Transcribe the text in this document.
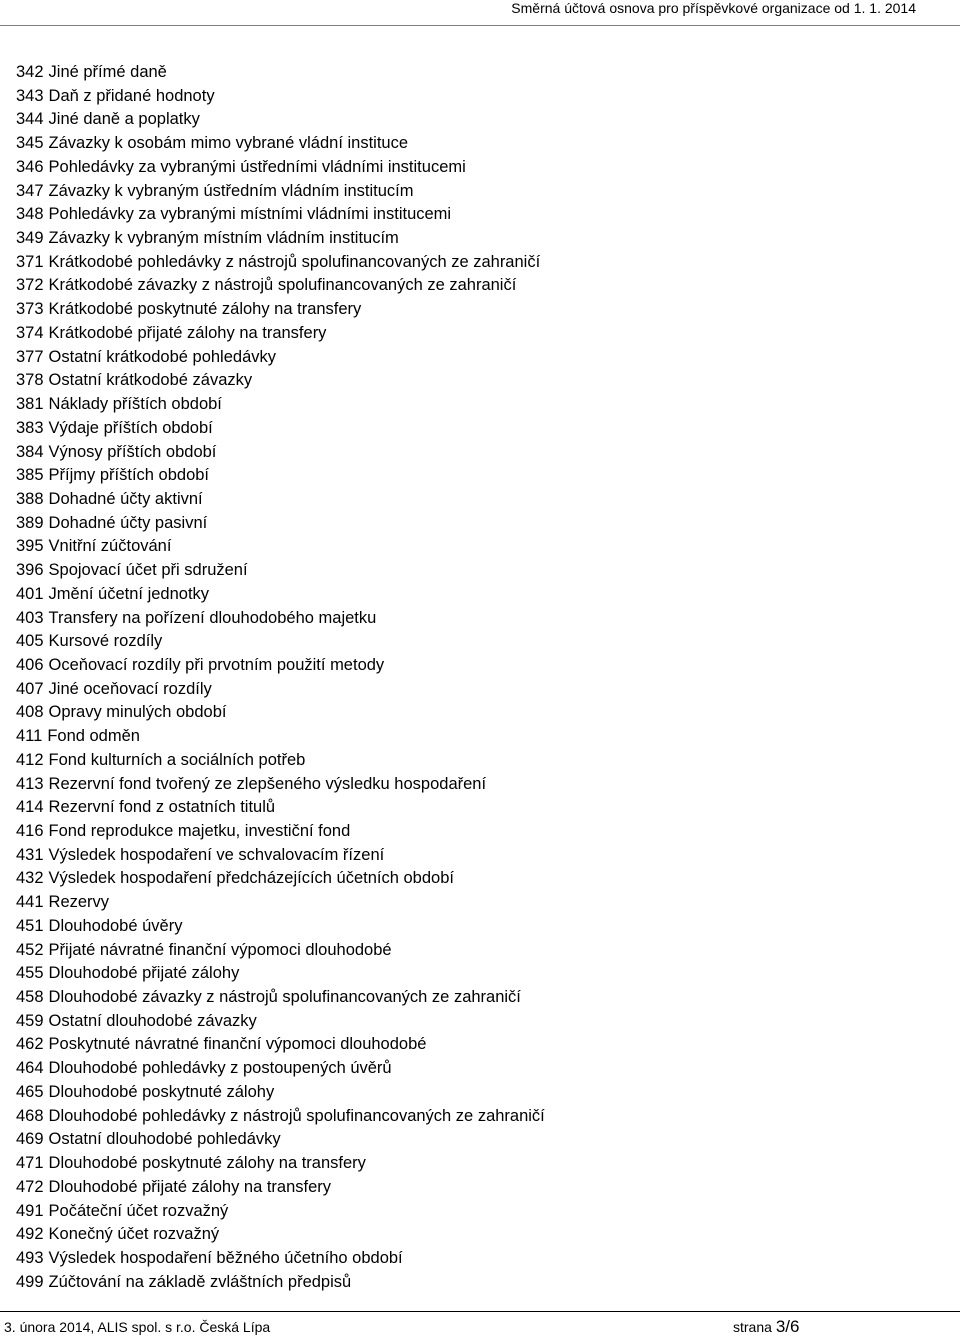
Směrná účtová osnova pro příspěvkové organizace od 1. 1. 2014
342 Jiné přímé daně
343 Daň z přidané hodnoty
344 Jiné daně a poplatky
345 Závazky k osobám mimo vybrané vládní instituce
346 Pohledávky za vybranými ústředními vládními institucemi
347 Závazky k vybraným ústředním vládním institucím
348 Pohledávky za vybranými místními vládními institucemi
349 Závazky k vybraným místním vládním institucím
371 Krátkodobé pohledávky z nástrojů spolufinancovaných ze zahraničí
372 Krátkodobé závazky z nástrojů spolufinancovaných ze zahraničí
373 Krátkodobé poskytnuté zálohy na transfery
374 Krátkodobé přijaté zálohy na transfery
377 Ostatní krátkodobé pohledávky
378 Ostatní krátkodobé závazky
381 Náklady příštích období
383 Výdaje příštích období
384 Výnosy příštích období
385 Příjmy příštích období
388 Dohadné účty aktivní
389 Dohadné účty pasivní
395 Vnitřní zúčtování
396 Spojovací účet při sdružení
401 Jmění účetní jednotky
403 Transfery na pořízení dlouhodobého majetku
405 Kursové rozdíly
406 Oceňovací rozdíly při prvotním použití metody
407 Jiné oceňovací rozdíly
408 Opravy minulých období
411 Fond odměn
412 Fond kulturních a sociálních potřeb
413 Rezervní fond tvořený ze zlepšeného výsledku hospodaření
414 Rezervní fond z ostatních titulů
416 Fond reprodukce majetku, investiční fond
431 Výsledek hospodaření ve schvalovacím řízení
432 Výsledek hospodaření předcházejících účetních období
441 Rezervy
451 Dlouhodobé úvěry
452 Přijaté návratné finanční výpomoci dlouhodobé
455 Dlouhodobé přijaté zálohy
458 Dlouhodobé závazky z nástrojů spolufinancovaných ze zahraničí
459 Ostatní dlouhodobé závazky
462 Poskytnuté návratné finanční výpomoci dlouhodobé
464 Dlouhodobé pohledávky z postoupených úvěrů
465 Dlouhodobé poskytnuté zálohy
468 Dlouhodobé pohledávky z nástrojů spolufinancovaných ze zahraničí
469 Ostatní dlouhodobé pohledávky
471 Dlouhodobé poskytnuté zálohy na transfery
472 Dlouhodobé přijaté zálohy na transfery
491 Počáteční účet rozvažný
492 Konečný účet rozvažný
493 Výsledek hospodaření běžného účetního období
499 Zúčtování na základě zvláštních předpisů
3. února 2014, ALIS spol. s r.o. Česká Lípa	strana 3/6
